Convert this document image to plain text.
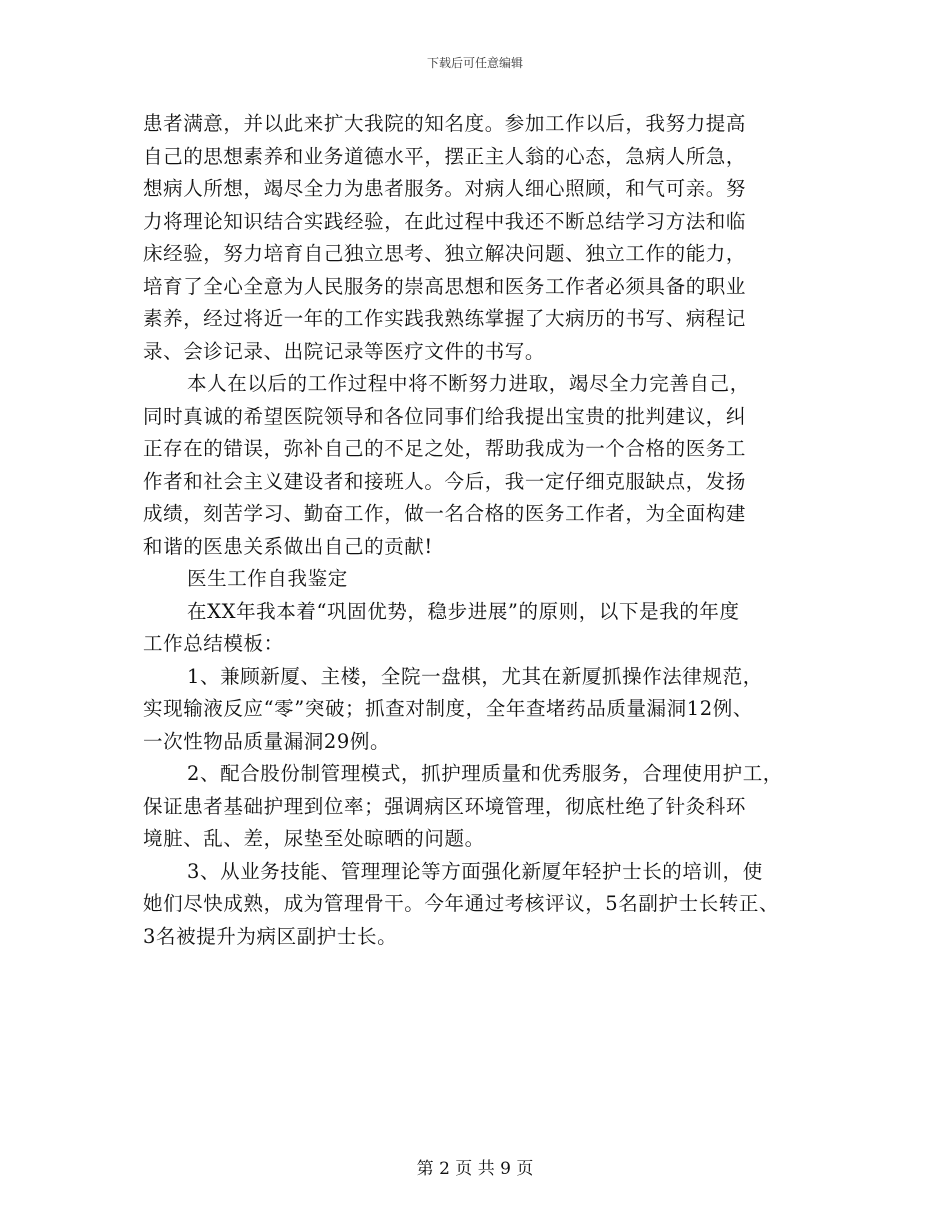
下载后可任意编辑
患者满意，并以此来扩大我院的知名度。参加工作以后，我努力提高
自己的思想素养和业务道德水平，摆正主人翁的心态，急病人所急，
想病人所想，竭尽全力为患者服务。对病人细心照顾，和气可亲。努
力将理论知识结合实践经验，在此过程中我还不断总结学习方法和临
床经验，努力培育自己独立思考、独立解决问题、独立工作的能力，
培育了全心全意为人民服务的崇高思想和医务工作者必须具备的职业
素养，经过将近一年的工作实践我熟练掌握了大病历的书写、病程记
录、会诊记录、出院记录等医疗文件的书写。
本人在以后的工作过程中将不断努力进取，竭尽全力完善自己，
同时真诚的希望医院领导和各位同事们给我提出宝贵的批判建议，纠
正存在的错误，弥补自己的不足之处，帮助我成为一个合格的医务工
作者和社会主义建设者和接班人。今后，我一定仔细克服缺点，发扬
成绩，刻苦学习、勤奋工作，做一名合格的医务工作者，为全面构建
和谐的医患关系做出自己的贡献!
医生工作自我鉴定
在XX年我本着“巩固优势，稳步进展”的原则，以下是我的年度
工作总结模板：
1、兼顾新厦、主楼，全院一盘棋，尤其在新厦抓操作法律规范，
实现输液反应“零”突破；抓查对制度，全年查堵药品质量漏洞12例、
一次性物品质量漏洞29例。
2、配合股份制管理模式，抓护理质量和优秀服务，合理使用护工，
保证患者基础护理到位率；强调病区环境管理，彻底杜绝了针灸科环
境脏、乱、差，尿垫至处晾晒的问题。
3、从业务技能、管理理论等方面强化新厦年轻护士长的培训，使
她们尽快成熟，成为管理骨干。今年通过考核评议，5名副护士长转正、
3名被提升为病区副护士长。
第 2 页 共 9 页
